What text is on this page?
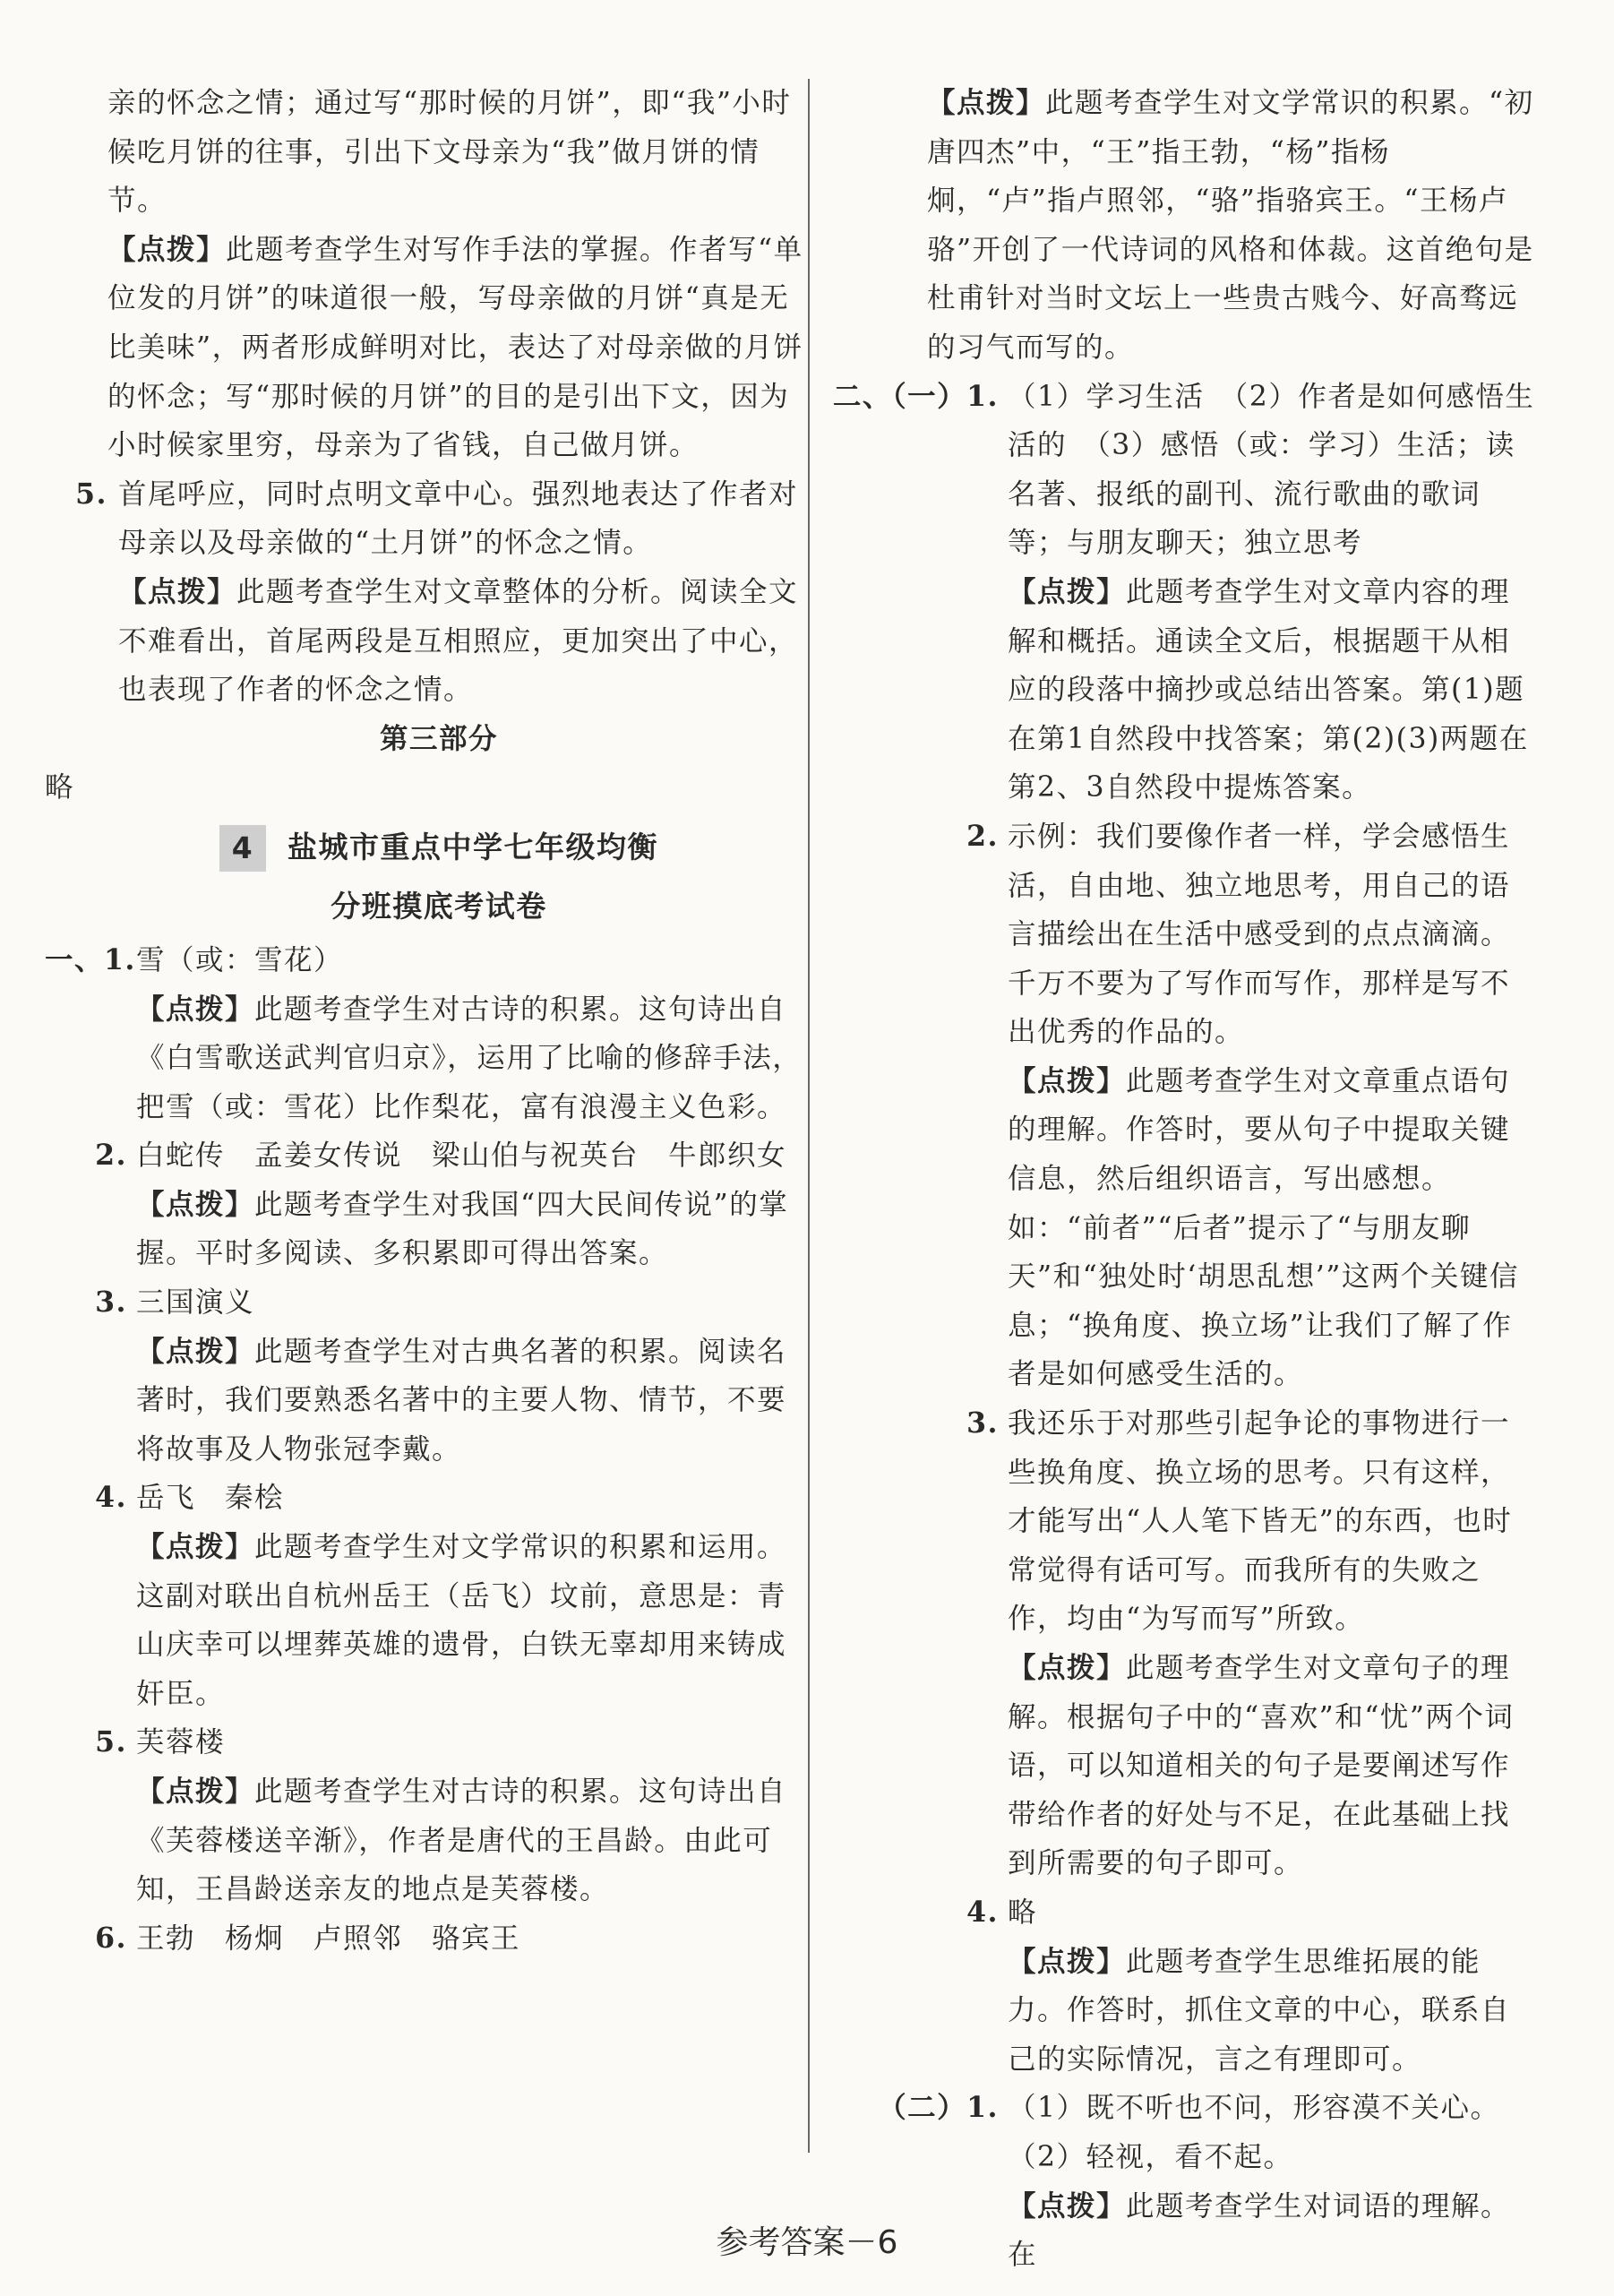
亲的怀念之情；通过写“那时候的月饼”，即“我”小时候吃月饼的往事，引出下文母亲为“我”做月饼的情节。
【点拨】此题考查学生对写作手法的掌握。作者写“单位发的月饼”的味道很一般，写母亲做的月饼“真是无比美味”，两者形成鲜明对比，表达了对母亲做的月饼的怀念；写“那时候的月饼”的目的是引出下文，因为小时候家里穷，母亲为了省钱，自己做月饼。
5. 首尾呼应，同时点明文章中心。强烈地表达了作者对母亲以及母亲做的“土月饼”的怀念之情。
【点拨】此题考查学生对文章整体的分析。阅读全文不难看出，首尾两段是互相照应，更加突出了中心，也表现了作者的怀念之情。
第三部分
略
4 盐城市重点中学七年级均衡
分班摸底考试卷
一、1. 雪（或：雪花）
【点拨】此题考查学生对古诗的积累。这句诗出自《白雪歌送武判官归京》，运用了比喻的修辞手法，把雪（或：雪花）比作梨花，富有浪漫主义色彩。
2. 白蛇传　孟姜女传说　梁山伯与祝英台　牛郎织女
【点拨】此题考查学生对我国“四大民间传说”的掌握。平时多阅读、多积累即可得出答案。
3. 三国演义
【点拨】此题考查学生对古典名著的积累。阅读名著时，我们要熟悉名著中的主要人物、情节，不要将故事及人物张冠李戴。
4. 岳飞　秦桧
【点拨】此题考查学生对文学常识的积累和运用。这副对联出自杭州岳王（岳飞）坟前，意思是：青山庆幸可以埋葬英雄的遗骨，白铁无辜却用来铸成奸臣。
5. 芙蓉楼
【点拨】此题考查学生对古诗的积累。这句诗出自《芙蓉楼送辛渐》，作者是唐代的王昌龄。由此可知，王昌龄送亲友的地点是芙蓉楼。
6. 王勃　杨炯　卢照邻　骆宾王
【点拨】此题考查学生对文学常识的积累。“初唐四杰”中，“王”指王勃，“杨”指杨炯，“卢”指卢照邻，“骆”指骆宾王。“王杨卢骆”开创了一代诗词的风格和体裁。这首绝句是杜甫针对当时文坛上一些贵古贱今、好高骛远的习气而写的。
二、（一）1. （1）学习生活　（2）作者是如何感悟生活的　（3）感悟（或：学习）生活；读名著、报纸的副刊、流行歌曲的歌词等；与朋友聊天；独立思考
【点拨】此题考查学生对文章内容的理解和概括。通读全文后，根据题干从相应的段落中摘抄或总结出答案。第(1)题在第1自然段中找答案；第(2)(3)两题在第2、3自然段中提炼答案。
2. 示例：我们要像作者一样，学会感悟生活，自由地、独立地思考，用自己的语言描绘出在生活中感受到的点点滴滴。千万不要为了写作而写作，那样是写不出优秀的作品的。
【点拨】此题考查学生对文章重点语句的理解。作答时，要从句子中提取关键信息，然后组织语言，写出感想。如：“前者”“后者”提示了“与朋友聊天”和“独处时‘胡思乱想’”这两个关键信息；“换角度、换立场”让我们了解了作者是如何感受生活的。
3. 我还乐于对那些引起争论的事物进行一些换角度、换立场的思考。只有这样，才能写出“人人笔下皆无”的东西，也时常觉得有话可写。而我所有的失败之作，均由“为写而写”所致。
【点拨】此题考查学生对文章句子的理解。根据句子中的“喜欢”和“忧”两个词语，可以知道相关的句子是要阐述写作带给作者的好处与不足，在此基础上找到所需要的句子即可。
4. 略
【点拨】此题考查学生思维拓展的能力。作答时，抓住文章的中心，联系自己的实际情况，言之有理即可。
（二）1. （1）既不听也不问，形容漠不关心。　（2）轻视，看不起。
【点拨】此题考查学生对词语的理解。在
参考答案－6
